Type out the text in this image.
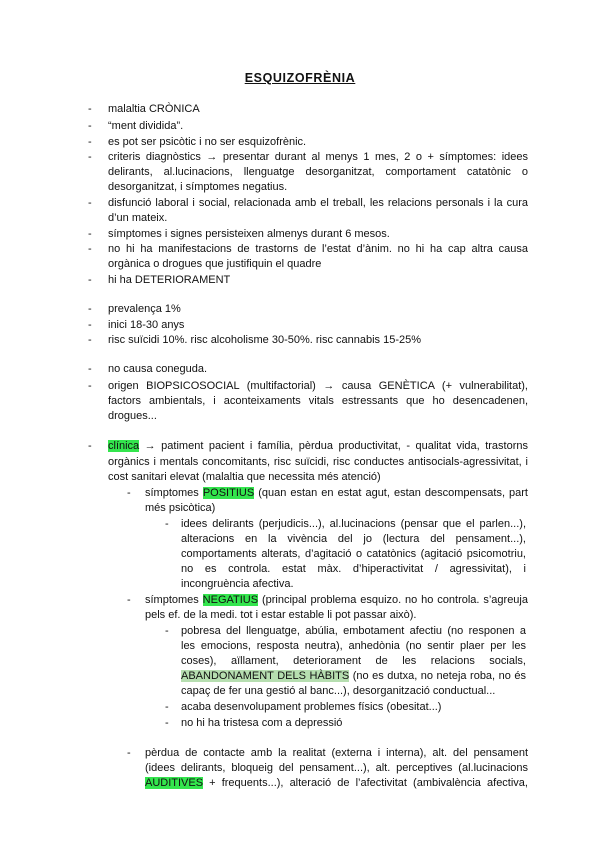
ESQUIZOFRÈNIA
- malaltia CRÒNICA
- “ment dividida”.
- es pot ser psicòtic i no ser esquizofrènic.
- criteris diagnòstics → presentar durant al menys 1 mes, 2 o + símptomes: idees
delirants, al.lucinacions, llenguatge desorganitzat, comportament catatònic o
desorganitzat, i símptomes negatius.
- disfunció laboral i social, relacionada amb el treball, les relacions personals i la cura
d’un mateix.
- símptomes i signes persisteixen almenys durant 6 mesos.
- no hi ha manifestacions de trastorns de l’estat d’ànim. no hi ha cap altra causa
orgànica o drogues que justifiquin el quadre
- hi ha DETERIORAMENT
- prevalença 1%
- inici 18-30 anys
- risc suïcidi 10%. risc alcoholisme 30-50%. risc cannabis 15-25%
- no causa coneguda.
- origen BIOPSICOSOCIAL (multifactorial) → causa GENÈTICA (+ vulnerabilitat),
factors ambientals, i aconteixaments vitals estressants que ho desencadenen,
drogues...
- clínica → patiment pacient i família, pèrdua productivitat, - qualitat vida, trastorns
orgànics i mentals concomitants, risc suïcidi, risc conductes antisocials-agressivitat, i
cost sanitari elevat (malaltia que necessita més atenció)
- símptomes POSITIUS (quan estan en estat agut, estan descompensats, part
més psicòtica)
- idees delirants (perjudicis...), al.lucinacions (pensar que el parlen...),
alteracions en la vivència del jo (lectura del pensament...),
comportaments alterats, d’agitació o catatònics (agitació psicomotriu,
no es controla. estat màx. d’hiperactivitat / agressivitat), i
incongruència afectiva.
- símptomes NEGATIUS (principal problema esquizo. no ho controla. s’agreuja
pels ef. de la medi. tot i estar estable li pot passar això).
- pobresa del llenguatge, abúlia, embotament afectiu (no responen a
les emocions, resposta neutra), anhedònia (no sentir plaer per les
coses), aïllament, deteriorament de les relacions socials,
ABANDONAMENT DELS HÀBITS (no es dutxa, no neteja roba, no és
capaç de fer una gestió al banc...), desorganització conductual...
- acaba desenvolupament problemes físics (obesitat...)
- no hi ha tristesa com a depressió
- pèrdua de contacte amb la realitat (externa i interna), alt. del pensament
(idees delirants, bloqueig del pensament...), alt. perceptives (al.lucinacions
AUDITIVES + frequents...), alteració de l’afectivitat (ambivalència afectiva,
